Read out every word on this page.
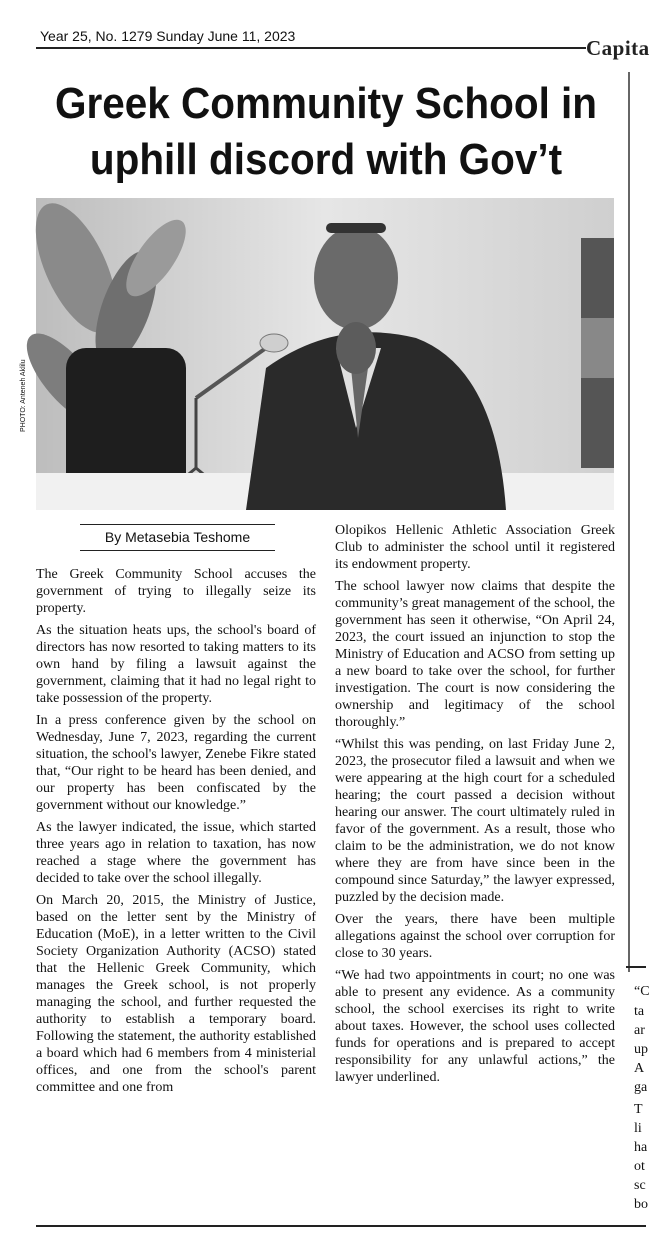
Year 25, No. 1279 Sunday June 11, 2023	Capita
Greek Community School in
uphill discord with Gov’t
PHOTO: Anteneh Aklilu
By Metasebia Teshome

The Greek Community School accuses the government of trying to illegally seize its property.

As the situation heats ups, the school's board of directors has now resorted to taking matters to its own hand by filing a lawsuit against the government, claiming that it had no legal right to take possession of the property.

In a press conference given by the school on Wednesday, June 7, 2023, regarding the current situation, the school's lawyer, Zenebe Fikre stated that, “Our right to be heard has been denied, and our property has been confiscated by the government without our knowledge.”

As the lawyer indicated, the issue, which started three years ago in relation to taxation, has now reached a stage where the government has decided to take over the school illegally.

On March 20, 2015, the Ministry of Justice, based on the letter sent by the Ministry of Education (MoE), in a letter written to the Civil Society Organization Authority (ACSO) stated that the Hellenic Greek Community, which manages the Greek school, is not properly managing the school, and further requested the authority to establish a temporary board. Following the statement, the authority established a board which had 6 members from 4 ministerial offices, and one from the school's parent committee and one from

Olopikos Hellenic Athletic Association Greek Club to administer the school until it registered its endowment property.

The school lawyer now claims that despite the community’s great management of the school, the government has seen it otherwise, “On April 24, 2023, the court issued an injunction to stop the Ministry of Education and ACSO from setting up a new board to take over the school, for further investigation. The court is now considering the ownership and legitimacy of the school thoroughly.”

“Whilst this was pending, on last Friday June 2, 2023, the prosecutor filed a lawsuit and when we were appearing at the high court for a scheduled hearing; the court passed a decision without hearing our answer. The court ultimately ruled in favor of the government. As a result, those who claim to be the administration, we do not know where they are from have since been in the compound since Saturday,” the lawyer expressed, puzzled by the decision made.

Over the years, there have been multiple allegations against the school over corruption for close to 30 years.

“We had two appointments in court; no one was able to present any evidence. As a community school, the school exercises its right to write about taxes. However, the school uses collected funds for operations and is prepared to accept responsibility for any unlawful actions,” the lawyer underlined.

“C
ta
ar
up
A
ga
T
li
ha
ot
sc
bo
